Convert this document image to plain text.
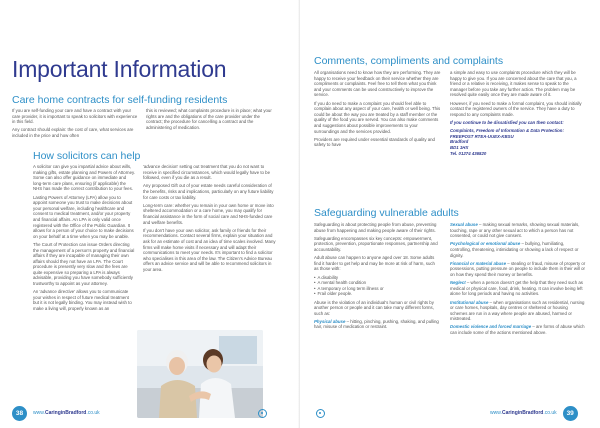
Important Information
Care home contracts for self-funding residents

If you are self-funding your care and have a contract with your care provider, it is important to speak to solicitors with experience in this field.

Any contract should explain: the cost of care, what services are included in the price and how often

this is reviewed; what complaints procedure is in place; what your rights are and the obligations of the care provider under the contract; the procedure for cancelling a contract and the administering of medication.

How solicitors can help

A solicitor can give you impartial advice about wills, making gifts, estate planning and Powers of Attorney. Some can also offer guidance on immediate and long-term care plans, ensuring (if applicable) the NHS has made the correct contribution to your fees.

Lasting Powers of Attorney (LPA) allow you to appoint someone you trust to make decisions about your personal welfare, including healthcare and consent to medical treatment, and/or your property and financial affairs. An LPA is only valid once registered with the Office of the Public Guardian. It allows for a person of your choice to make decisions on your behalf at a time when you may be unable.

The Court of Protection can issue Orders directing the management of a person's property and financial affairs if they are incapable of managing their own affairs should they not have an LPA. The Court procedure is presently very slow and the fees are quite expensive so preparing a LPA is always advisable, providing you have somebody sufficiently trustworthy to appoint as your attorney.

An 'advance directive' allows you to communicate your wishes in respect of future medical treatment but it is not legally binding. You may instead wish to make a living will, properly known as an

'advance decision' setting out treatment that you do not want to receive in specified circumstances, which would legally have to be followed, even if you die as a result.

Any proposed Gift out of your estate needs careful consideration of the benefits, risks and implications, particularly on any future liability for care costs or tax liability.

Long-term care: whether you remain in your own home or move into sheltered accommodation or a care home, you may qualify for financial assistance in the form of social care and NHS-funded care and welfare benefits.

If you don't have your own solicitor, ask family or friends for their recommendations. Contact several firms, explain your situation and ask for an estimate of cost and an idea of time scales involved. Many firms will make home visits if necessary and will adapt their communications to meet your needs. It's important to find a solicitor who specialises in this area of the law. The Citizen's Advice Bureau offers an advice service and will be able to recommend solicitors in your area.

38	www.CaringinBradford.co.uk
Comments, compliments and complaints

All organisations need to know how they are performing. They are happy to receive your feedback on their service whether they are compliments or complaints. Feel free to tell them what you think and your comments can be used constructively to improve the service.

If you do need to make a complaint you should feel able to complain about any aspect of your care, health or well being. This could be about the way you are treated by a staff member or the quality of the food you are served. You can also make comments and suggestions about possible improvements to your surroundings and the services provided.

Providers are required under essential standards of quality and safety to have

a simple and easy to use complaints procedure which they will be happy to give you. If you are concerned about the care that you, a friend or a relative is receiving, it makes sense to speak to the manager before you take any further action. The problem may be resolved quite easily once they are made aware of it.

However, if you need to make a formal complaint, you should initially contact the registered owners of the service. They have a duty to respond to any complaints made.

If you continue to be dissatisfied you can then contact:

Complaints, Freedom of Information & Data Protection:
FREEPOST RTEA-UUEX-KBSU
Bradford
BD1 1HX
Tel. 01274 436820
Safeguarding vulnerable adults

Safeguarding is about protecting people from abuse, preventing abuse from happening and making people aware of their rights.

Safeguarding encompasses six key concepts: empowerment, protection, prevention, proportionate responses, partnership and accountability.

Adult abuse can happen to anyone aged over 18. Some adults find it harder to get help and may be more at risk of harm, such as those with:

• A disability
• A mental health condition
• A temporary or long term illness or
• Frail older people.

Abuse is the violation of an individual's human or civil rights by another person or people and it can take many different forms, such as:

Physical abuse – hitting, pinching, pushing, shaking, and pulling hair, misuse of medication or restraint.

Sexual abuse – making sexual remarks, showing sexual materials, touching, rape or any other sexual act to which a person has not consented, or could not give consent.

Psychological or emotional abuse – bullying, humiliating, controlling, threatening, intimidating or showing a lack of respect or dignity.

Financial or material abuse – stealing or fraud, misuse of property or possessions, putting pressure on people to include them in their will or on how they spend their money or benefits.

Neglect – when a person doesn't get the help that they need such as medical or physical care, food, drink, heating. It can involve being left alone for long periods and having no activities.

Institutional abuse – when organisations such as residential, nursing or care homes, hospitals, day centres or sheltered or housing schemes are run in a way where people are abused, harmed or mistreated.

Domestic violence and forced marriage – are forms of abuse which can include some of the actions mentioned above.

www.CaringinBradford.co.uk	39
